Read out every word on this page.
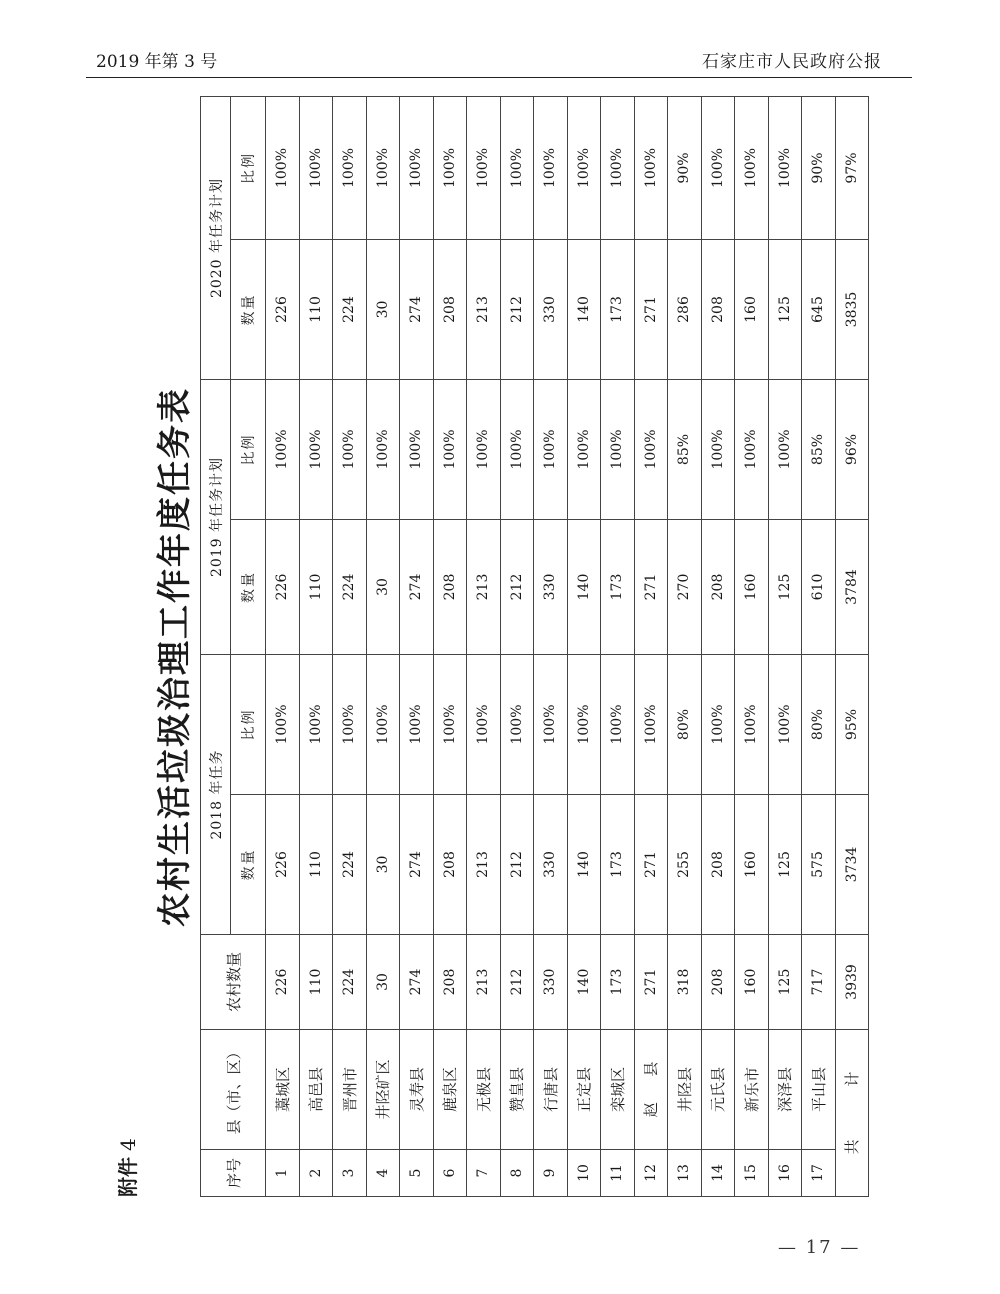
2019 年第 3 号	石家庄市人民政府公报
附件4
农村生活垃圾治理工作年度任务表
序号	县（市、区）	农村数量	2018 年任务		2019 年任务计划		2020 年任务计划	
			数量	比例	数量	比例	数量	比例
1	藁城区	226	226	100%	226	100%	226	100%
2	高邑县	110	110	100%	110	100%	110	100%
3	晋州市	224	224	100%	224	100%	224	100%
4	井陉矿区	30	30	100%	30	100%	30	100%
5	灵寿县	274	274	100%	274	100%	274	100%
6	鹿泉区	208	208	100%	208	100%	208	100%
7	无极县	213	213	100%	213	100%	213	100%
8	赞皇县	212	212	100%	212	100%	212	100%
9	行唐县	330	330	100%	330	100%	330	100%
10	正定县	140	140	100%	140	100%	140	100%
11	栾城区	173	173	100%	173	100%	173	100%
12	赵 县	271	271	100%	271	100%	271	100%
13	井陉县	318	255	80%	270	85%	286	90%
14	元氏县	208	208	100%	208	100%	208	100%
15	新乐市	160	160	100%	160	100%	160	100%
16	深泽县	125	125	100%	125	100%	125	100%
17	平山县	717	575	80%	610	85%	645	90%
共 计		3939	3734	95%	3784	96%	3835	97%
— 17 —
